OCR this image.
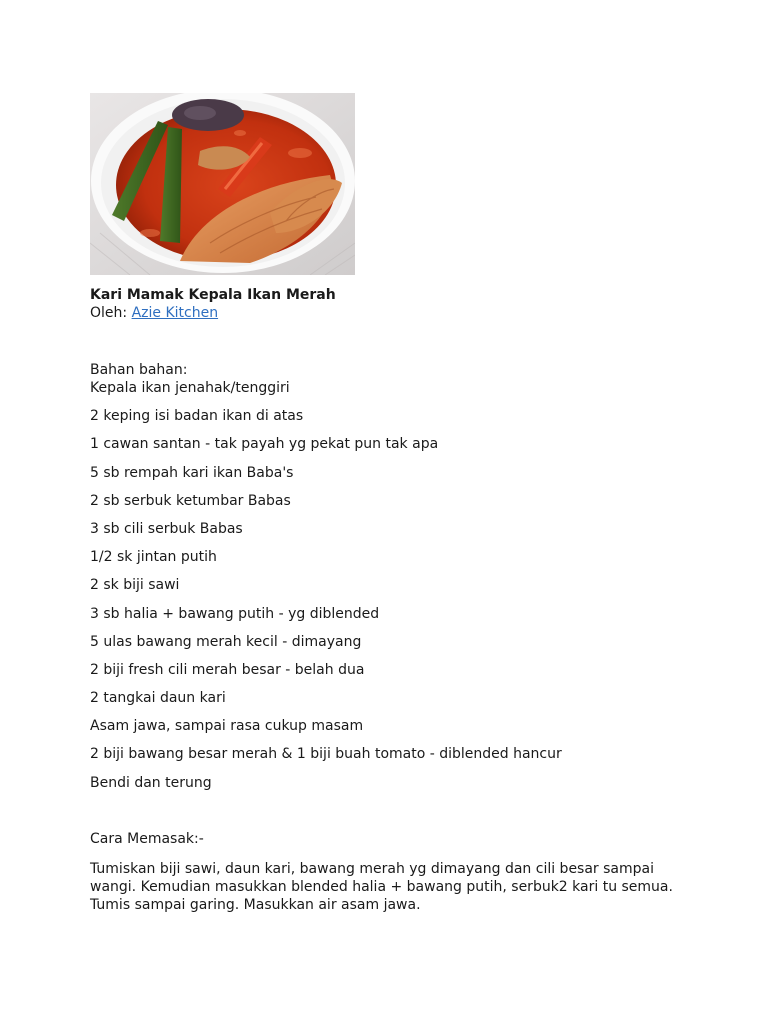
Kari Mamak Kepala Ikan Merah
Oleh: Azie Kitchen
Bahan bahan:

Kepala ikan jenahak/tenggiri

2 keping isi badan ikan di atas

1 cawan santan - tak payah yg pekat pun tak apa

5 sb rempah kari ikan Baba's

2 sb serbuk ketumbar Babas

3 sb cili serbuk Babas

1/2 sk jintan putih

2 sk biji sawi

3 sb halia + bawang putih - yg diblended

5 ulas bawang merah kecil - dimayang

2 biji fresh cili merah besar - belah dua

2 tangkai daun kari

Asam jawa, sampai rasa cukup masam

2 biji bawang besar merah & 1 biji buah tomato - diblended hancur

Bendi dan terung

Cara Memasak:-
Tumiskan biji sawi, daun kari, bawang merah yg dimayang dan cili besar sampai wangi. Kemudian masukkan blended halia + bawang putih, serbuk2 kari tu semua. Tumis sampai garing. Masukkan air asam jawa.
